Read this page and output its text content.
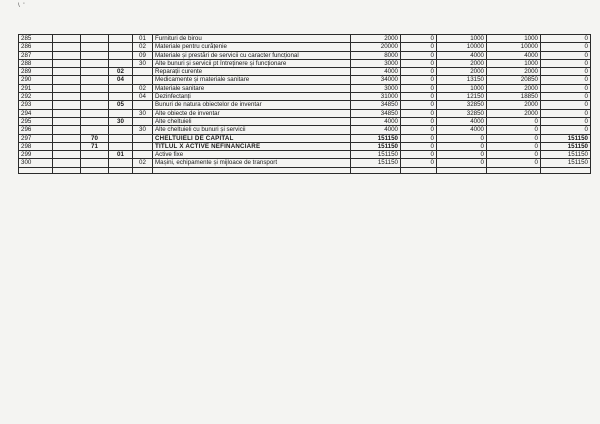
\ '
285				01	Furnituri de birou	2000	0	1000	1000	0
286				02	Materiale pentru curățenie	20000	0	10000	10000	0
287				09	Materiale și prestări de servicii cu caracter funcțional	8000	0	4000	4000	0
288				30	Alte bunuri și servicii pt întreținere și funcționare	3000	0	2000	1000	0
289			02		Reparații curente	4000	0	2000	2000	0
290			04		Medicamente și materiale sanitare	34000	0	13150	20850	0
291				02	Materiale sanitare	3000	0	1000	2000	0
292				04	Dezinfectanți	31000	0	12150	18850	0
293			05		Bunuri de natura obiectelor de inventar	34850	0	32850	2000	0
294				30	Alte obiecte de inventar	34850	0	32850	2000	0
295			30		Alte cheltuieli	4000	0	4000	0	0
296				30	Alte cheltuieli cu bunuri și servicii	4000	0	4000	0	0
297		70			CHELTUIELI DE CAPITAL	151150	0	0	0	151150
298		71			TITLUL X ACTIVE NEFINANCIARE	151150	0	0	0	151150
299			01		Active fixe	151150	0	0	0	151150
300				02	Mașini, echipamente și mijloace de transport	151150	0	0	0	151150
